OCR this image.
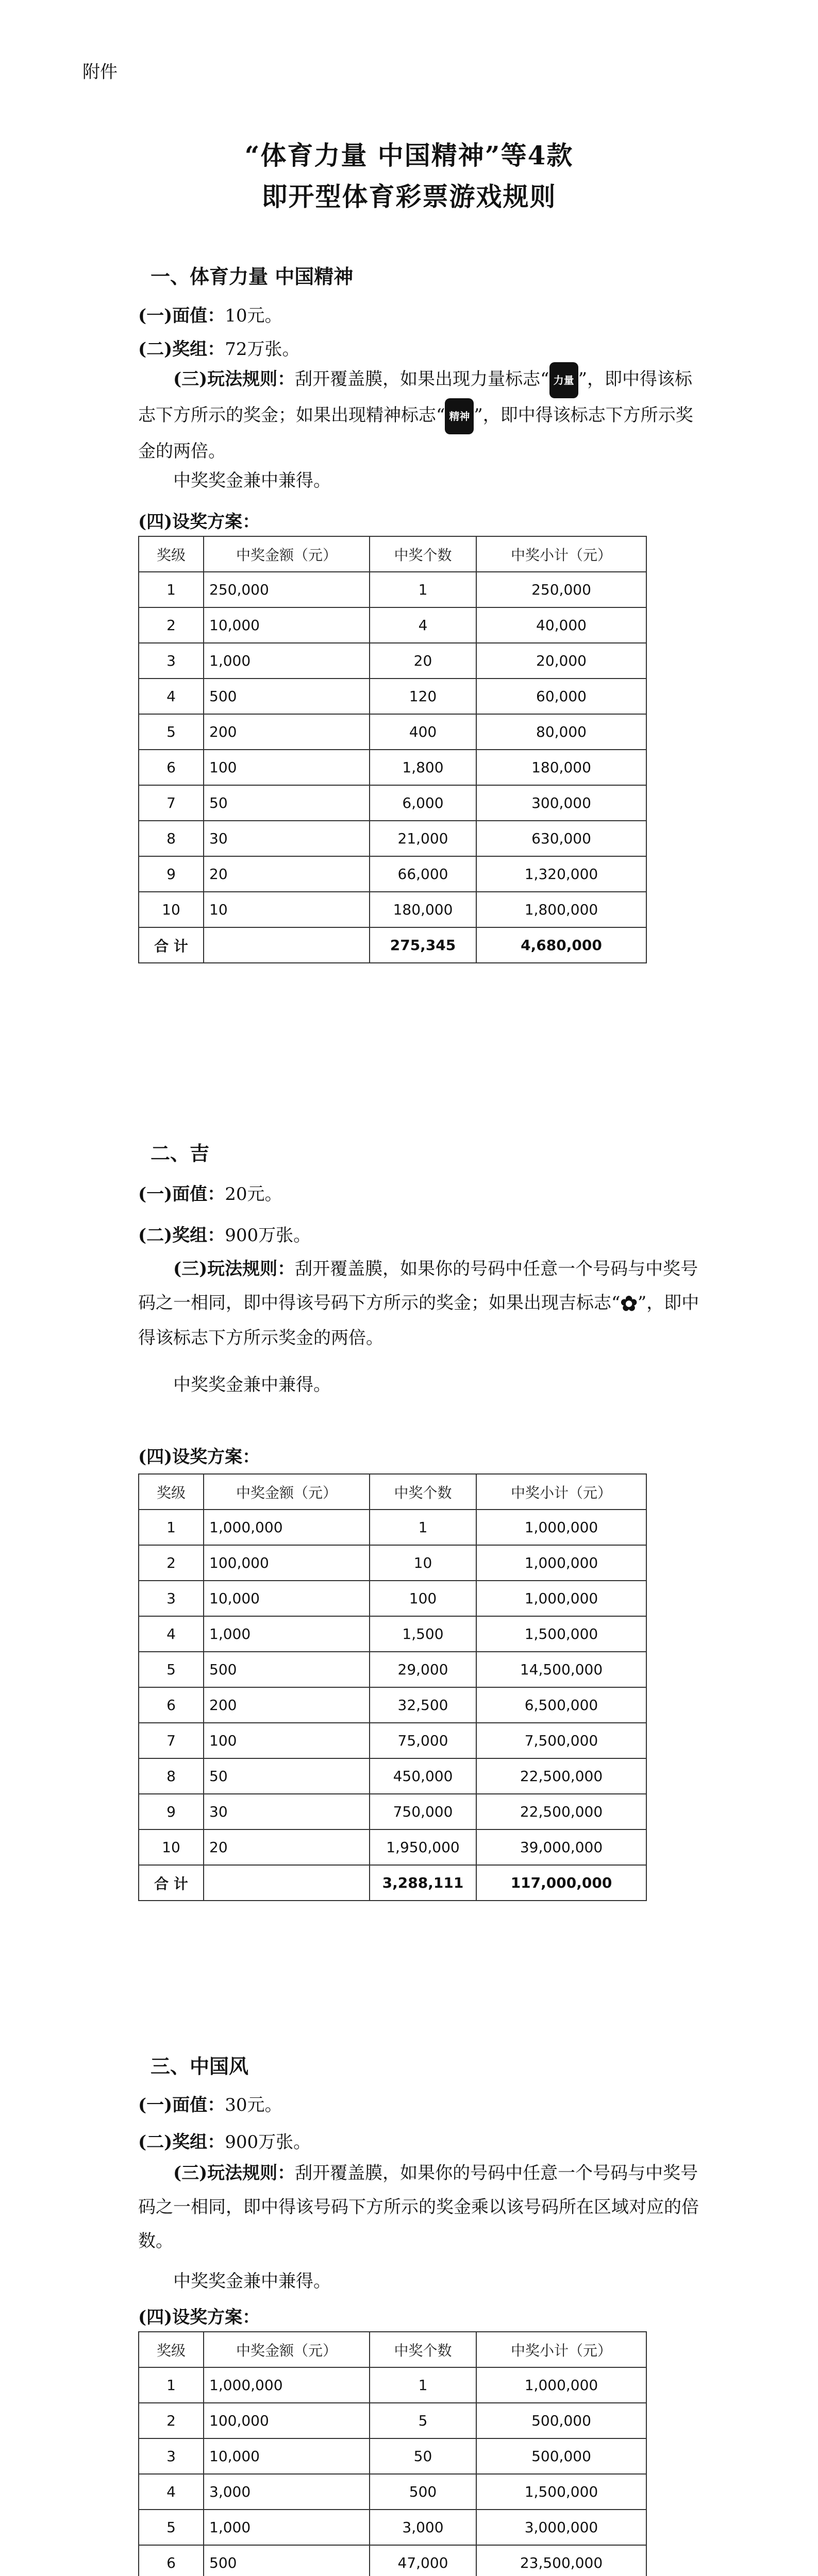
附件
“体育力量 中国精神”等4款
即开型体育彩票游戏规则
一、体育力量 中国精神
(一)面值：10元。
(二)奖组：72万张。
(三)玩法规则：刮开覆盖膜，如果出现力量标志“ 力量 ”，即中得该标志下方所示的奖金；如果出现精神标志“ 精神 ”，即中得该标志下方所示奖金的两倍。
中奖奖金兼中兼得。
(四)设奖方案：
奖级	中奖金额（元）	中奖个数	中奖小计（元）
1	250,000	1	250,000
2	10,000	4	40,000
3	1,000	20	20,000
4	500	120	60,000
5	200	400	80,000
6	100	1,800	180,000
7	50	6,000	300,000
8	30	21,000	630,000
9	20	66,000	1,320,000
10	10	180,000	1,800,000
合 计		275,345	4,680,000
二、吉
(一)面值：20元。
(二)奖组：900万张。
(三)玩法规则：刮开覆盖膜，如果你的号码中任意一个号码与中奖号码之一相同，即中得该号码下方所示的奖金；如果出现吉标志“✿”，即中得该标志下方所示奖金的两倍。
中奖奖金兼中兼得。
(四)设奖方案：
奖级	中奖金额（元）	中奖个数	中奖小计（元）
1	1,000,000	1	1,000,000
2	100,000	10	1,000,000
3	10,000	100	1,000,000
4	1,000	1,500	1,500,000
5	500	29,000	14,500,000
6	200	32,500	6,500,000
7	100	75,000	7,500,000
8	50	450,000	22,500,000
9	30	750,000	22,500,000
10	20	1,950,000	39,000,000
合 计		3,288,111	117,000,000
三、中国风
(一)面值：30元。
(二)奖组：900万张。
(三)玩法规则：刮开覆盖膜，如果你的号码中任意一个号码与中奖号码之一相同，即中得该号码下方所示的奖金乘以该号码所在区域对应的倍数。
中奖奖金兼中兼得。
(四)设奖方案：
奖级	中奖金额（元）	中奖个数	中奖小计（元）
1	1,000,000	1	1,000,000
2	100,000	5	500,000
3	10,000	50	500,000
4	3,000	500	1,500,000
5	1,000	3,000	3,000,000
6	500	47,000	23,500,000
